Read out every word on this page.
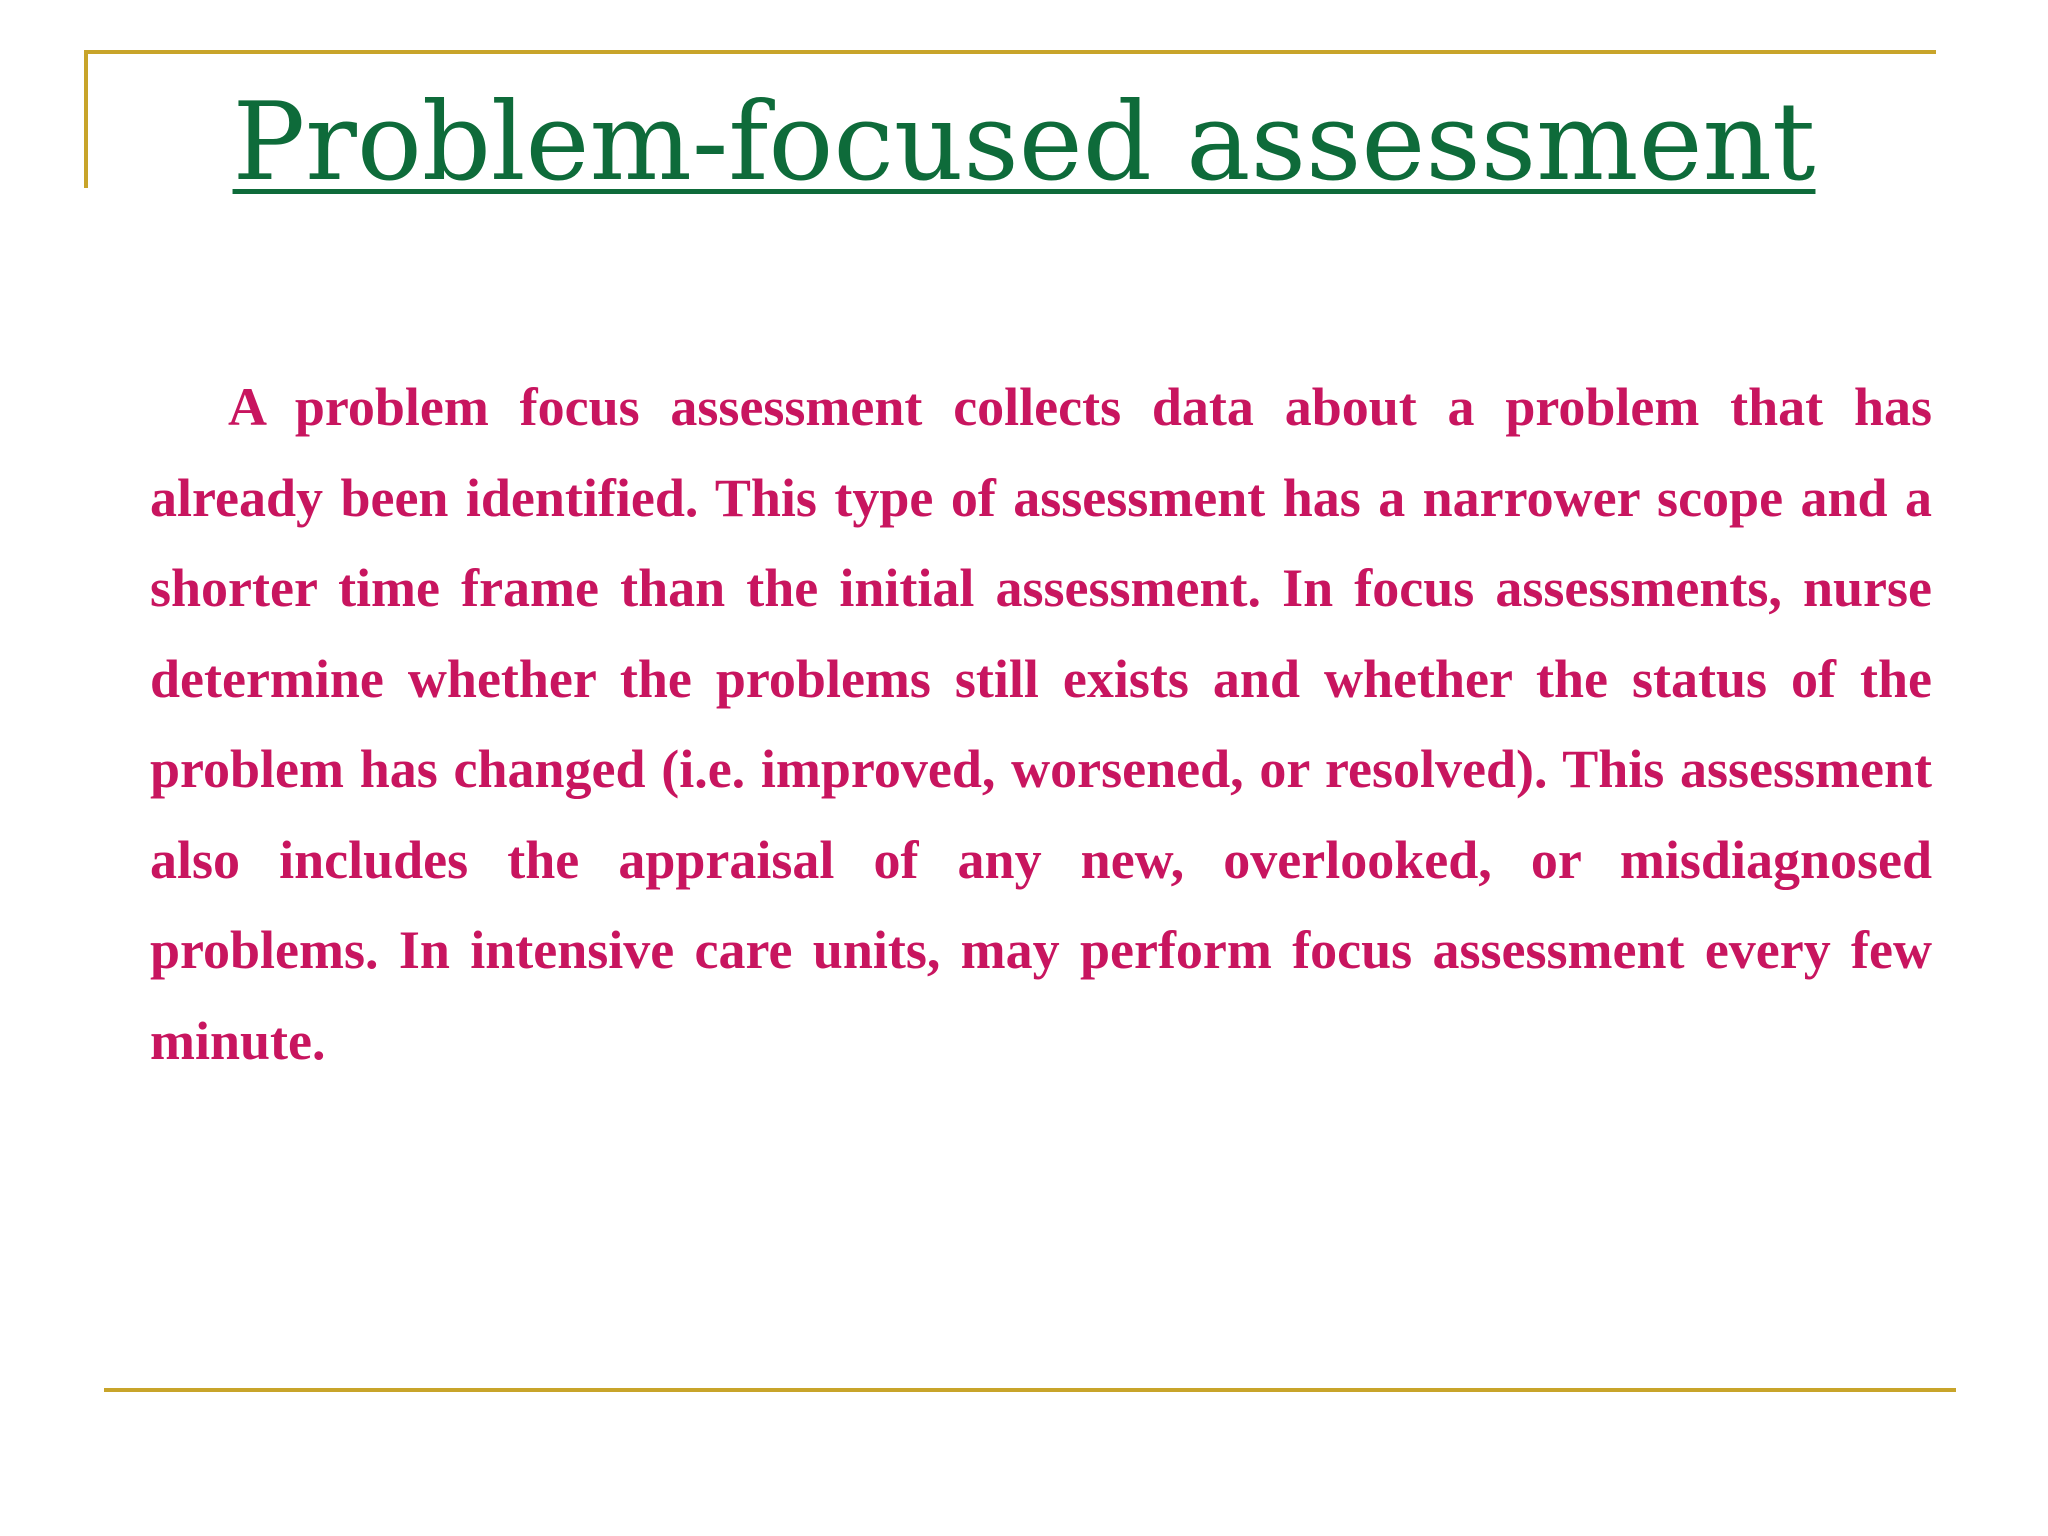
Problem-focused assessment

A problem focus assessment collects data about a problem that has already been identified. This type of assessment has a narrower scope and a shorter time frame than the initial assessment. In focus assessments, nurse determine whether the problems still exists and whether the status of the problem has changed (i.e. improved, worsened, or resolved). This assessment also includes the appraisal of any new, overlooked, or misdiagnosed problems. In intensive care units, may perform focus assessment every few minute.
